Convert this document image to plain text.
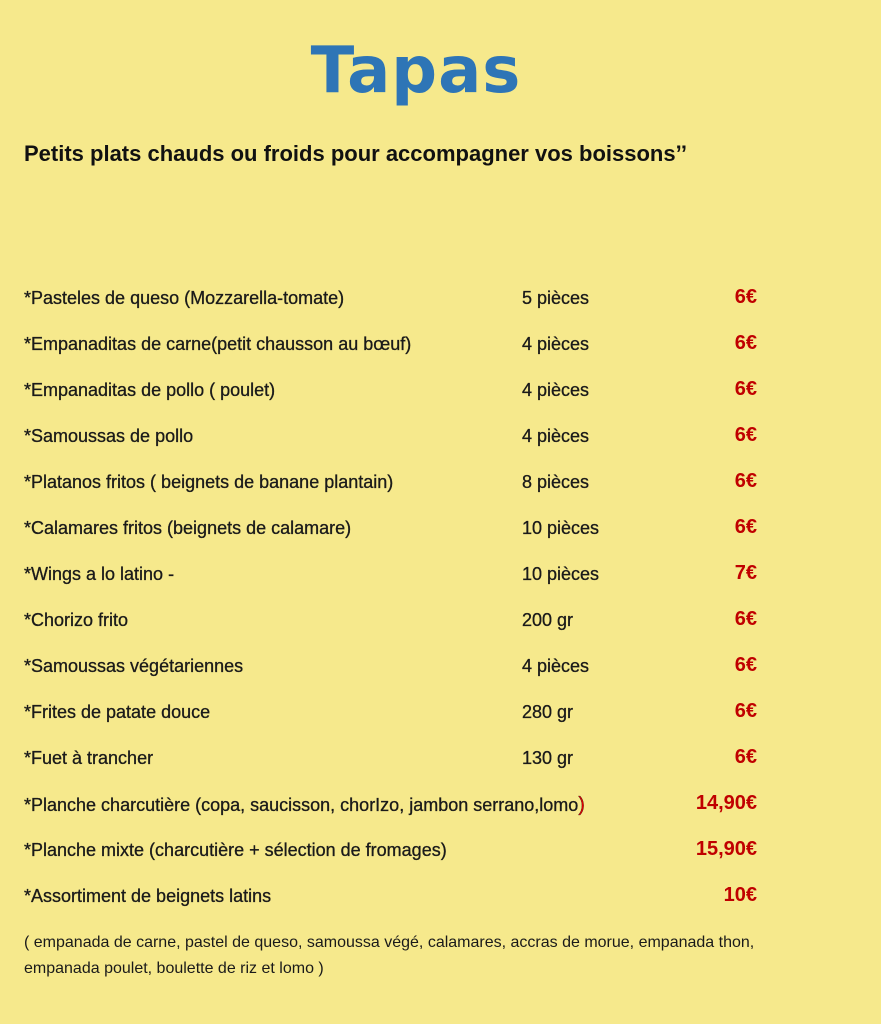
Tapas
Petits plats chauds ou froids pour accompagner vos boissons’’
*Pasteles de queso (Mozzarella-tomate)	5 pièces	6€
*Empanaditas de carne(petit chausson au bœuf)	4 pièces	6€
*Empanaditas de pollo ( poulet)	4 pièces	6€
*Samoussas de pollo	4 pièces	6€
*Platanos fritos ( beignets de banane plantain)	8 pièces	6€
*Calamares fritos (beignets de calamare)	10 pièces	6€
*Wings a lo latino -	10 pièces	7€
*Chorizo frito	200 gr	6€
*Samoussas végétariennes	4 pièces	6€
*Frites de patate douce	280 gr	6€
*Fuet à trancher	130 gr	6€
*Planche charcutière (copa, saucisson, chorIzo, jambon serrano,lomo)	14,90€
*Planche mixte (charcutière + sélection de fromages)	15,90€
*Assortiment de beignets latins	10€
( empanada de carne, pastel de queso, samoussa végé, calamares, accras de morue, empanada thon, empanada poulet, boulette de riz et lomo )
